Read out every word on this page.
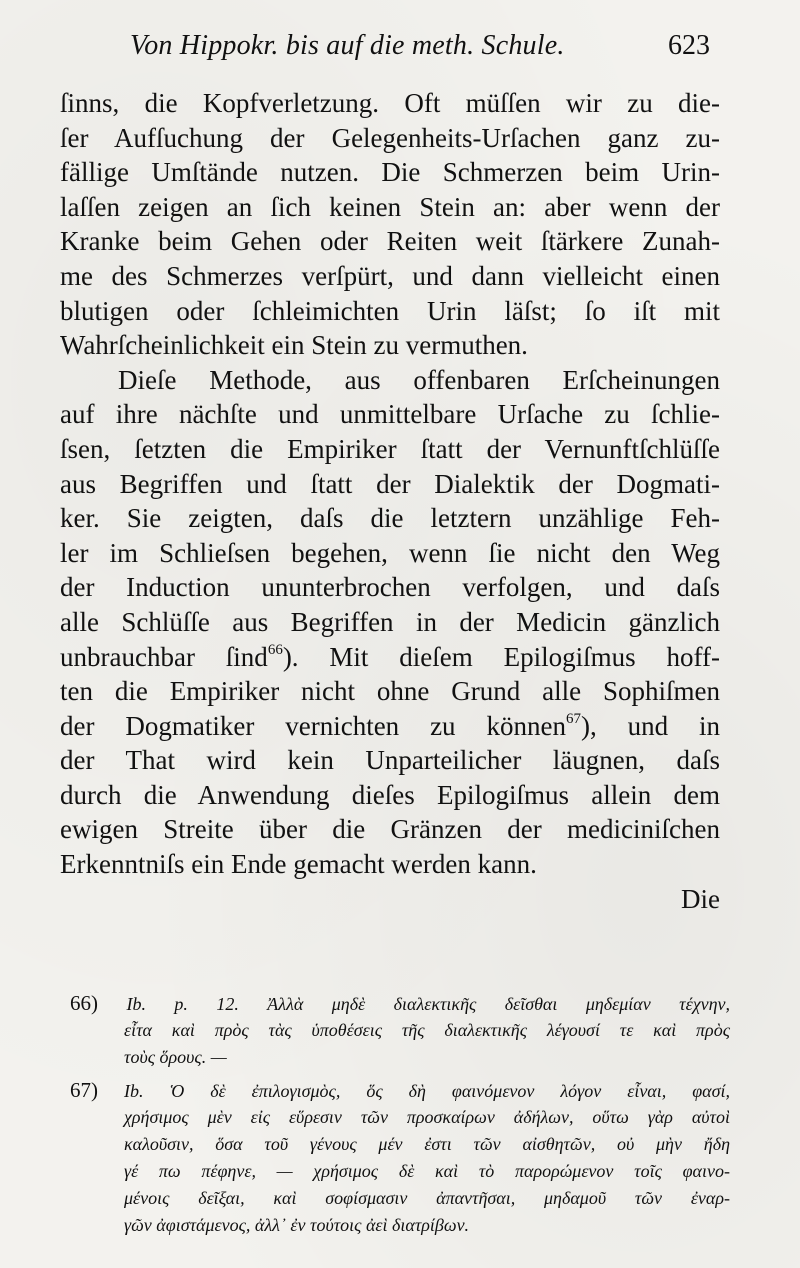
Von Hippokr. bis auf die meth. Schule.	623
ſinns, die Kopfverletzung. Oft müſſen wir zu die-
ſer Aufſuchung der Gelegenheits-Urſachen ganz zu-
fällige Umſtände nutzen. Die Schmerzen beim Urin-
laſſen zeigen an ſich keinen Stein an: aber wenn der
Kranke beim Gehen oder Reiten weit ſtärkere Zunah-
me des Schmerzes verſpürt, und dann vielleicht einen
blutigen oder ſchleimichten Urin läſst; ſo iſt mit
Wahrſcheinlichkeit ein Stein zu vermuthen.
Dieſe Methode, aus offenbaren Erſcheinungen
auf ihre nächſte und unmittelbare Urſache zu ſchlie-
ſsen, ſetzten die Empiriker ſtatt der Vernunftſchlüſſe
aus Begriffen und ſtatt der Dialektik der Dogmati-
ker. Sie zeigten, daſs die letztern unzählige Feh-
ler im Schlieſsen begehen, wenn ſie nicht den Weg
der Induction ununterbrochen verfolgen, und daſs
alle Schlüſſe aus Begriffen in der Medicin gänzlich
unbrauchbar ſind$^{66}$). Mit dieſem Epilogiſmus hoff-
ten die Empiriker nicht ohne Grund alle Sophiſmen
der Dogmatiker vernichten zu können$^{67}$), und in
der That wird kein Unparteilicher läugnen, daſs
durch die Anwendung dieſes Epilogiſmus allein dem
ewigen Streite über die Gränzen der mediciniſchen
Erkenntniſs ein Ende gemacht werden kann.
Die
66) Ib. p. 12. Ἀλλὰ μηδὲ διαλεκτικῆς δεῖσθαι μηδεμίαν τέχνην,
εἶτα καὶ πρὸς τὰς ὑποθέσεις τῆς διαλεκτικῆς λέγουσί τε καὶ πρὸς
τοὺς ὅρους. —
67) Ib. Ὁ δὲ ἐπιλογισμὸς, ὅς δὴ φαινόμενον λόγον εἶναι, φασί,
χρήσιμος μὲν εἰς εὕρεσιν τῶν προσκαίρων ἀδήλων, οὕτω γὰρ αὐτοὶ
καλοῦσιν, ὅσα τοῦ γένους μέν ἐστι τῶν αἰσθητῶν, οὐ μὴν ἤδη
γέ πω πέφηνε, — χρήσιμος δὲ καὶ τὸ παρορώμενον τοῖς φαινο-
μένοις δεῖξαι, καὶ σοφίσμασιν ἀπαντῆσαι, μηδαμοῦ τῶν ἐναρ-
γῶν ἀφιστάμενος, ἀλλ᾽ ἐν τούτοις ἀεὶ διατρίβων.
